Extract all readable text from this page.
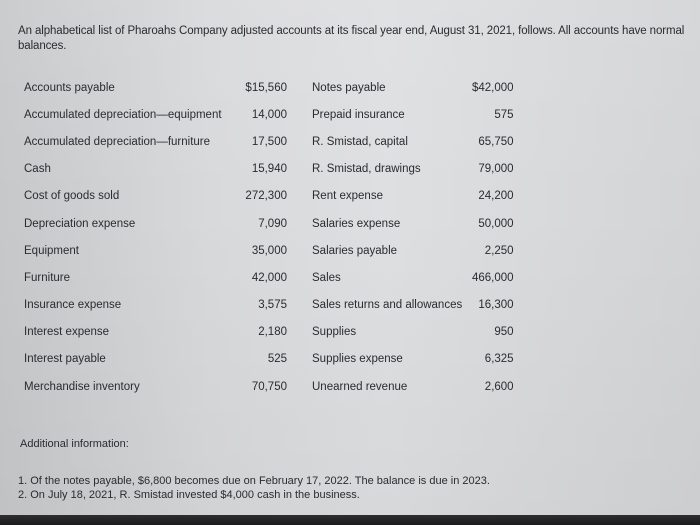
An alphabetical list of Pharoahs Company adjusted accounts at its fiscal year end, August 31, 2021, follows. All accounts have normal balances.
Accounts payable	$15,560		Notes payable	$42,000
Accumulated depreciation—equipment	14,000		Prepaid insurance	575
Accumulated depreciation—furniture	17,500		R. Smistad, capital	65,750
Cash	15,940		R. Smistad, drawings	79,000
Cost of goods sold	272,300		Rent expense	24,200
Depreciation expense	7,090		Salaries expense	50,000
Equipment	35,000		Salaries payable	2,250
Furniture	42,000		Sales	466,000
Insurance expense	3,575		Sales returns and allowances	16,300
Interest expense	2,180		Supplies	950
Interest payable	525		Supplies expense	6,325
Merchandise inventory	70,750		Unearned revenue	2,600
Additional information:
1. Of the notes payable, $6,800 becomes due on February 17, 2022. The balance is due in 2023.
2. On July 18, 2021, R. Smistad invested $4,000 cash in the business.
